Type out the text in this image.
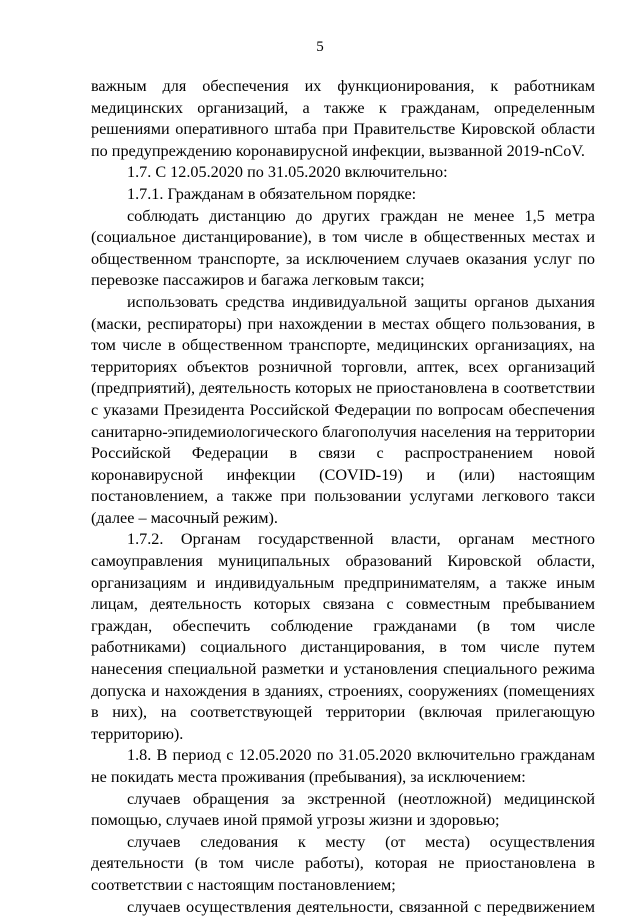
5

важным для обеспечения их функционирования, к работникам медицинских организаций, а также к гражданам, определенным решениями оперативного штаба при Правительстве Кировской области по предупреждению коронавирусной инфекции, вызванной 2019-nCoV.

1.7. С 12.05.2020 по 31.05.2020 включительно:

1.7.1. Гражданам в обязательном порядке:

соблюдать дистанцию до других граждан не менее 1,5 метра (социальное дистанцирование), в том числе в общественных местах и общественном транспорте, за исключением случаев оказания услуг по перевозке пассажиров и багажа легковым такси;

использовать средства индивидуальной защиты органов дыхания (маски, респираторы) при нахождении в местах общего пользования, в том числе в общественном транспорте, медицинских организациях, на территориях объектов розничной торговли, аптек, всех организаций (предприятий), деятельность которых не приостановлена в соответствии с указами Президента Российской Федерации по вопросам обеспечения санитарно-эпидемиологического благополучия населения на территории Российской Федерации в связи с распространением новой коронавирусной инфекции (COVID-19) и (или) настоящим постановлением, а также при пользовании услугами легкового такси (далее – масочный режим).

1.7.2. Органам государственной власти, органам местного самоуправления муниципальных образований Кировской области, организациям и индивидуальным предпринимателям, а также иным лицам, деятельность которых связана с совместным пребыванием граждан, обеспечить соблюдение гражданами (в том числе работниками) социального дистанцирования, в том числе путем нанесения специальной разметки и установления специального режима допуска и нахождения в зданиях, строениях, сооружениях (помещениях в них), на соответствующей территории (включая прилегающую территорию).

1.8. В период с 12.05.2020 по 31.05.2020 включительно гражданам не покидать места проживания (пребывания), за исключением:

случаев обращения за экстренной (неотложной) медицинской помощью, случаев иной прямой угрозы жизни и здоровью;

случаев следования к месту (от места) осуществления деятельности (в том числе работы), которая не приостановлена в соответствии с настоящим постановлением;

случаев осуществления деятельности, связанной с передвижением
